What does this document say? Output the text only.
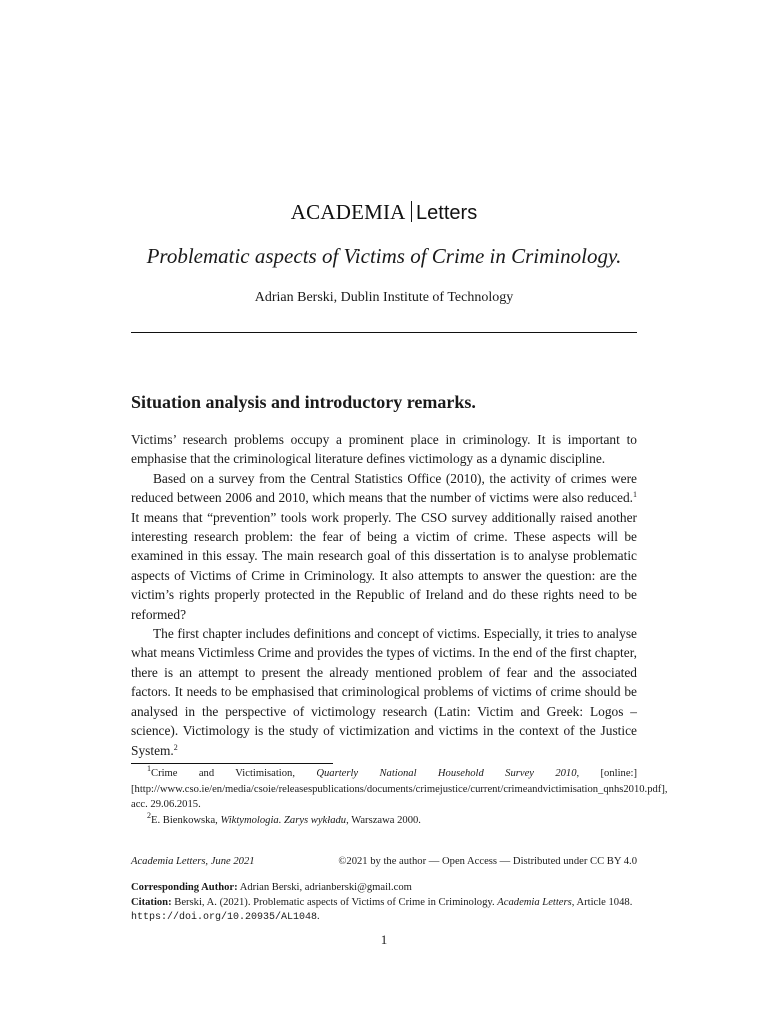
ACADEMIA Letters
Problematic aspects of Victims of Crime in Criminology.
Adrian Berski, Dublin Institute of Technology
Situation analysis and introductory remarks.

Victims’ research problems occupy a prominent place in criminology. It is important to emphasise that the criminological literature defines victimology as a dynamic discipline.

Based on a survey from the Central Statistics Office (2010), the activity of crimes were reduced between 2006 and 2010, which means that the number of victims were also reduced.$^1$ It means that “prevention” tools work properly. The CSO survey additionally raised another interesting research problem: the fear of being a victim of crime. These aspects will be examined in this essay. The main research goal of this dissertation is to analyse problematic aspects of Victims of Crime in Criminology. It also attempts to answer the question: are the victim’s rights properly protected in the Republic of Ireland and do these rights need to be reformed?

The first chapter includes definitions and concept of victims. Especially, it tries to analyse what means Victimless Crime and provides the types of victims. In the end of the first chapter, there is an attempt to present the already mentioned problem of fear and the associated factors. It needs to be emphasised that criminological problems of victims of crime should be analysed in the perspective of victimology research (Latin: Victim and Greek: Logos – science). Victimology is the study of victimization and victims in the context of the Justice System.$^2$

$^1$Crime and Victimisation, Quarterly National Household Survey 2010, [online:] [http://www.cso.ie/en/media/csoie/releasespublications/documents/crimejustice/current/crimeandvictimisation_qnhs2010.pdf], acc. 29.06.2015.

$^2$E. Bienkowska, Wiktymologia. Zarys wykładu, Warszawa 2000.

Academia Letters, June 2021	©2021 by the author — Open Access — Distributed under CC BY 4.0

Corresponding Author: Adrian Berski, adrianberski@gmail.com

Citation: Berski, A. (2021). Problematic aspects of Victims of Crime in Criminology. Academia Letters, Article 1048. https://doi.org/10.20935/AL1048.

1
